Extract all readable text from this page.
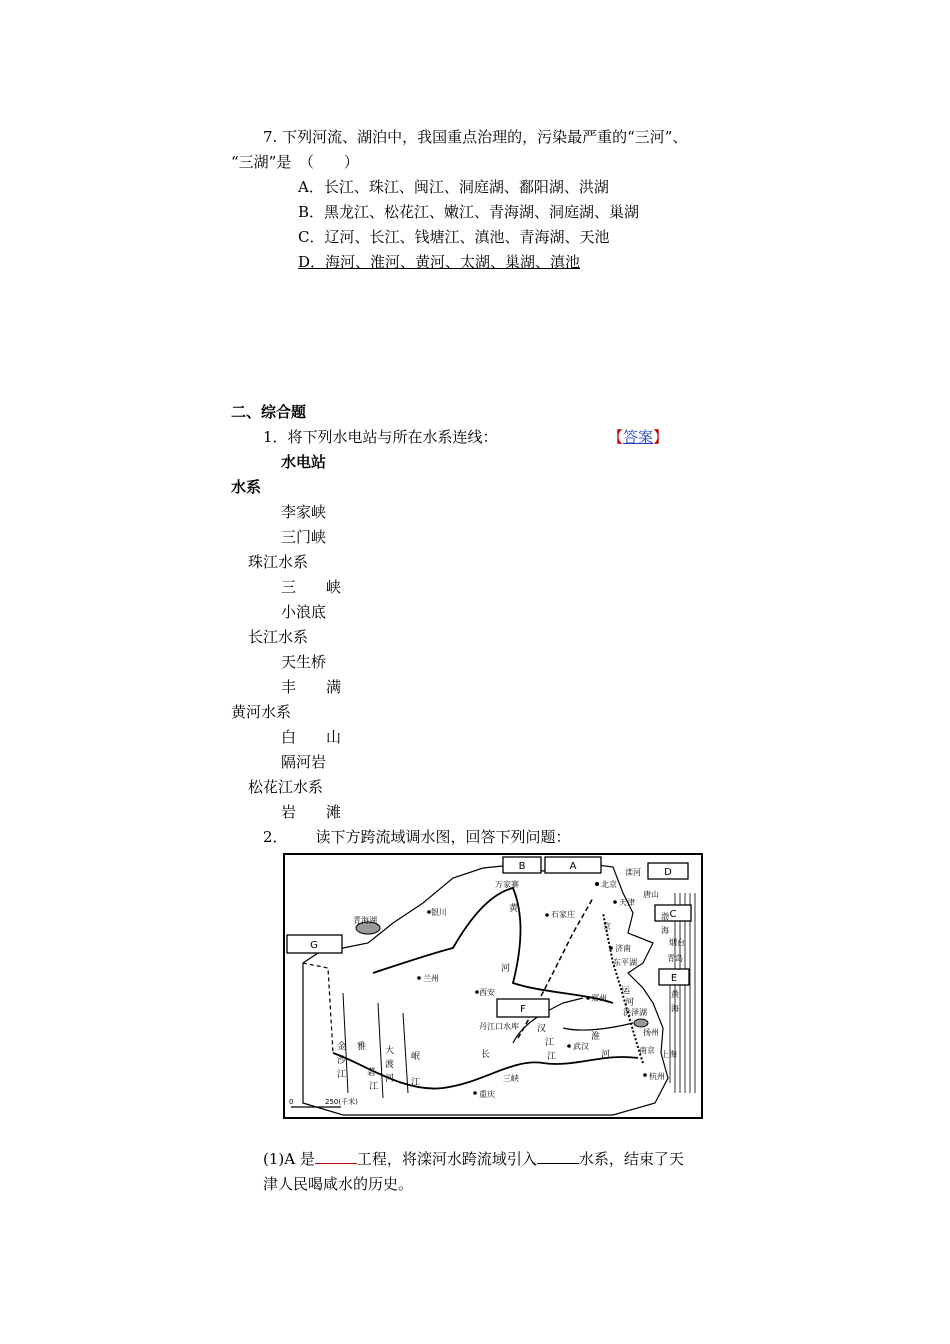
7. 下列河流、湖泊中，我国重点治理的，污染最严重的“三河”、
“三湖”是　（　　）
A．长江、珠江、闽江、洞庭湖、鄱阳湖、洪湖
B．黑龙江、松花江、嫩江、青海湖、洞庭湖、巢湖
C．辽河、长江、钱塘江、滇池、青海湖、天池
D．海河、淮河、黄河、太湖、巢湖、滇池
二、综合题
1．将下列水电站与所在水系连线：	【答案】
水电站
水系
李家峡
三门峡
珠江水系
三　　峡
小浪底
长江水系
天生桥
丰　　满
黄河水系
白　　山
隔河岩
松花江水系
岩　　滩
2． 读下方跨流域调水图，回答下列问题：
B	A
D
C
E
G
F
北京
天津
唐山
石家庄
万家寨
银川
兰州
西安
郑州
济南
东平湖
洪泽湖
扬州
南京 上海
杭州
武汉
重庆
青海湖
滦河
青岛
烟台
黄
河
长	江
汉
江
淮
河
金
沙
江
雅
砻
江
大
渡
河
岷
江
运
河
三峡
丹江口水库
渤
海
黄
海
京
0	250(千米)
(1)A 是	工程，将滦河水跨流域引入	水系，结束了天
津人民喝咸水的历史。
